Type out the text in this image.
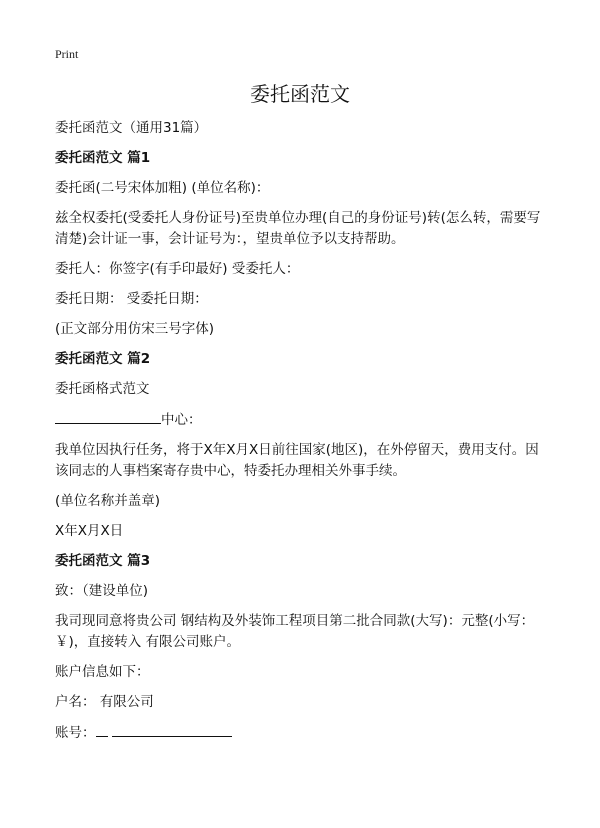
Print
委托函范文

委托函范文（通用31篇）

委托函范文 篇1

委托函(二号宋体加粗) (单位名称)：

兹全权委托(受委托人身份证号)至贵单位办理(自己的身份证号)转(怎么转，需要写清楚)会计证一事，会计证号为：，望贵单位予以支持帮助。

委托人：你签字(有手印最好) 受委托人：

委托日期： 受委托日期：

(正文部分用仿宋三号字体)

委托函范文 篇2

委托函格式范文

中心：

我单位因执行任务，将于X年X月X日前往国家(地区)，在外停留天，费用支付。因该同志的人事档案寄存贵中心，特委托办理相关外事手续。

(单位名称并盖章)

X年X月X日

委托函范文 篇3

致：（建设单位)

我司现同意将贵公司 钢结构及外装饰工程项目第二批合同款(大写)：元整(小写：￥)，直接转入 有限公司账户。

账户信息如下：

户名： 有限公司

账号：
